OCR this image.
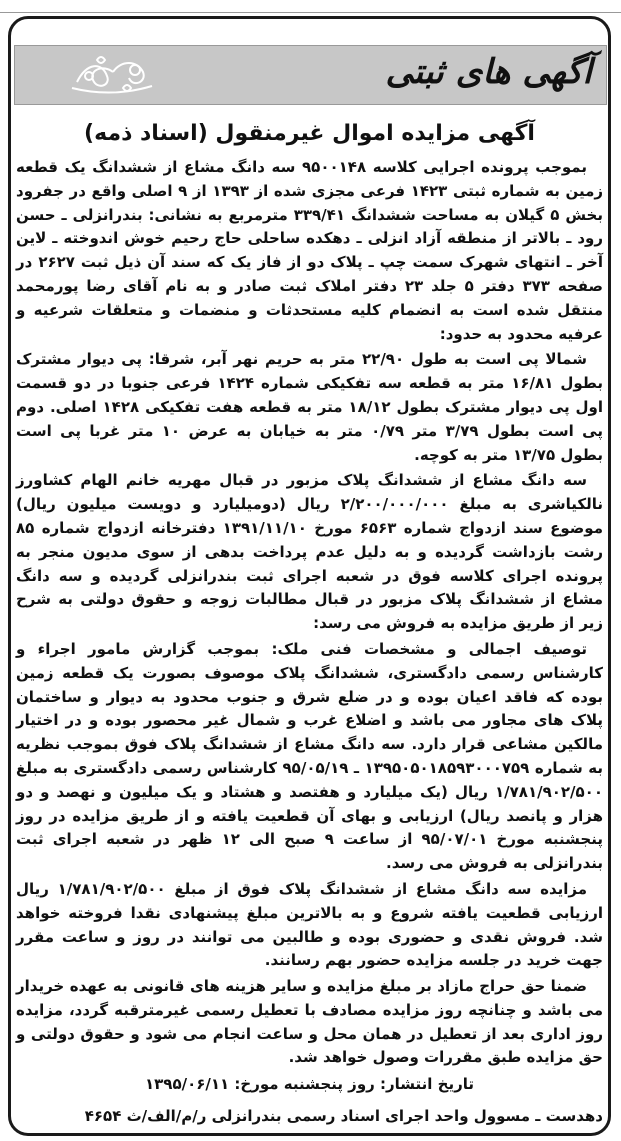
آگهی های ثبتی
آگهی مزایده اموال غیرمنقول (اسناد ذمه)

بموجب پرونده اجرایی کلاسه ۹۵۰۰۱۴۸ سه دانگ مشاع از ششدانگ یک قطعه زمین به شماره ثبتی ۱۴۲۳ فرعی مجزی شده از ۱۳۹۳ از ۹ اصلی واقع در جفرود بخش ۵ گیلان به مساحت ششدانگ ۳۳۹/۴۱ مترمربع به نشانی: بندرانزلی ـ حسن رود ـ بالاتر از منطقه آزاد انزلی ـ دهکده ساحلی حاج رحیم خوش اندوخته ـ لاین آخر ـ انتهای شهرک سمت چپ ـ پلاک دو از فاز یک که سند آن ذیل ثبت ۲۶۲۷ در صفحه ۳۷۳ دفتر ۵ جلد ۲۳ دفتر املاک ثبت صادر و به نام آقای رضا پورمحمد منتقل شده است به انضمام کلیه مستحدثات و منضمات و متعلقات شرعیه و عرفیه محدود به حدود:

شمالا پی است به طول ۲۲/۹۰ متر به حریم نهر آبر، شرقا: پی دیوار مشترک بطول ۱۶/۸۱ متر به قطعه سه تفکیکی شماره ۱۴۲۴ فرعی جنوبا در دو قسمت اول پی دیوار مشترک بطول ۱۸/۱۲ متر به قطعه هفت تفکیکی ۱۴۲۸ اصلی. دوم پی است بطول ۳/۷۹ متر ۰/۷۹ متر به خیابان به عرض ۱۰ متر غربا پی است بطول ۱۳/۷۵ متر به کوچه.

سه دانگ مشاع از ششدانگ پلاک مزبور در قبال مهریه خانم الهام کشاورز نالکیاشری به مبلغ ۲/۲۰۰/۰۰۰/۰۰۰ ریال (دومیلیارد و دویست میلیون ریال) موضوع سند ازدواج شماره ۶۵۶۳ مورخ ۱۳۹۱/۱۱/۱۰ دفترخانه ازدواج شماره ۸۵ رشت بازداشت گردیده و به دلیل عدم پرداخت بدهی از سوی مدیون منجر به پرونده اجرای کلاسه فوق در شعبه اجرای ثبت بندرانزلی گردیده و سه دانگ مشاع از ششدانگ پلاک مزبور در قبال مطالبات زوجه و حقوق دولتی به شرح زیر از طریق مزایده به فروش می رسد:

توصیف اجمالی و مشخصات فنی ملک: بموجب گزارش مامور اجراء و کارشناس رسمی دادگستری، ششدانگ پلاک موصوف بصورت یک قطعه زمین بوده که فاقد اعیان بوده و در ضلع شرق و جنوب محدود به دیوار و ساختمان پلاک های مجاور می باشد و اضلاع غرب و شمال غیر محصور بوده و در اختیار مالکین مشاعی قرار دارد. سه دانگ مشاع از ششدانگ پلاک فوق بموجب نظریه به شماره ۱۳۹۵۰۵۰۱۸۵۹۳۰۰۰۷۵۹ ـ ۹۵/۰۵/۱۹ کارشناس رسمی دادگستری به مبلغ ۱/۷۸۱/۹۰۲/۵۰۰ ریال (یک میلیارد و هفتصد و هشتاد و یک میلیون و نهصد و دو هزار و پانصد ریال) ارزیابی و بهای آن قطعیت یافته و از طریق مزایده در روز پنجشنبه مورخ ۹۵/۰۷/۰۱ از ساعت ۹ صبح الی ۱۲ ظهر در شعبه اجرای ثبت بندرانزلی به فروش می رسد.

مزایده سه دانگ مشاع از ششدانگ پلاک فوق از مبلغ ۱/۷۸۱/۹۰۲/۵۰۰ ریال ارزیابی قطعیت یافته شروع و به بالاترین مبلغ پیشنهادی نقدا فروخته خواهد شد. فروش نقدی و حضوری بوده و طالبین می توانند در روز و ساعت مقرر جهت خرید در جلسه مزایده حضور بهم رسانند.

ضمنا حق حراج مازاد بر مبلغ مزایده و سایر هزینه های قانونی به عهده خریدار می باشد و چنانچه روز مزایده مصادف با تعطیل رسمی غیرمترقبه گردد، مزایده روز اداری بعد از تعطیل در همان محل و ساعت انجام می شود و حقوق دولتی و حق مزایده طبق مقررات وصول خواهد شد.

تاریخ انتشار: روز پنجشنبه مورخ: ۱۳۹۵/۰۶/۱۱
دهدست ـ مسوول واحد اجرای اسناد رسمی بندرانزلی ر/م/الف/ث ۴۶۵۴
